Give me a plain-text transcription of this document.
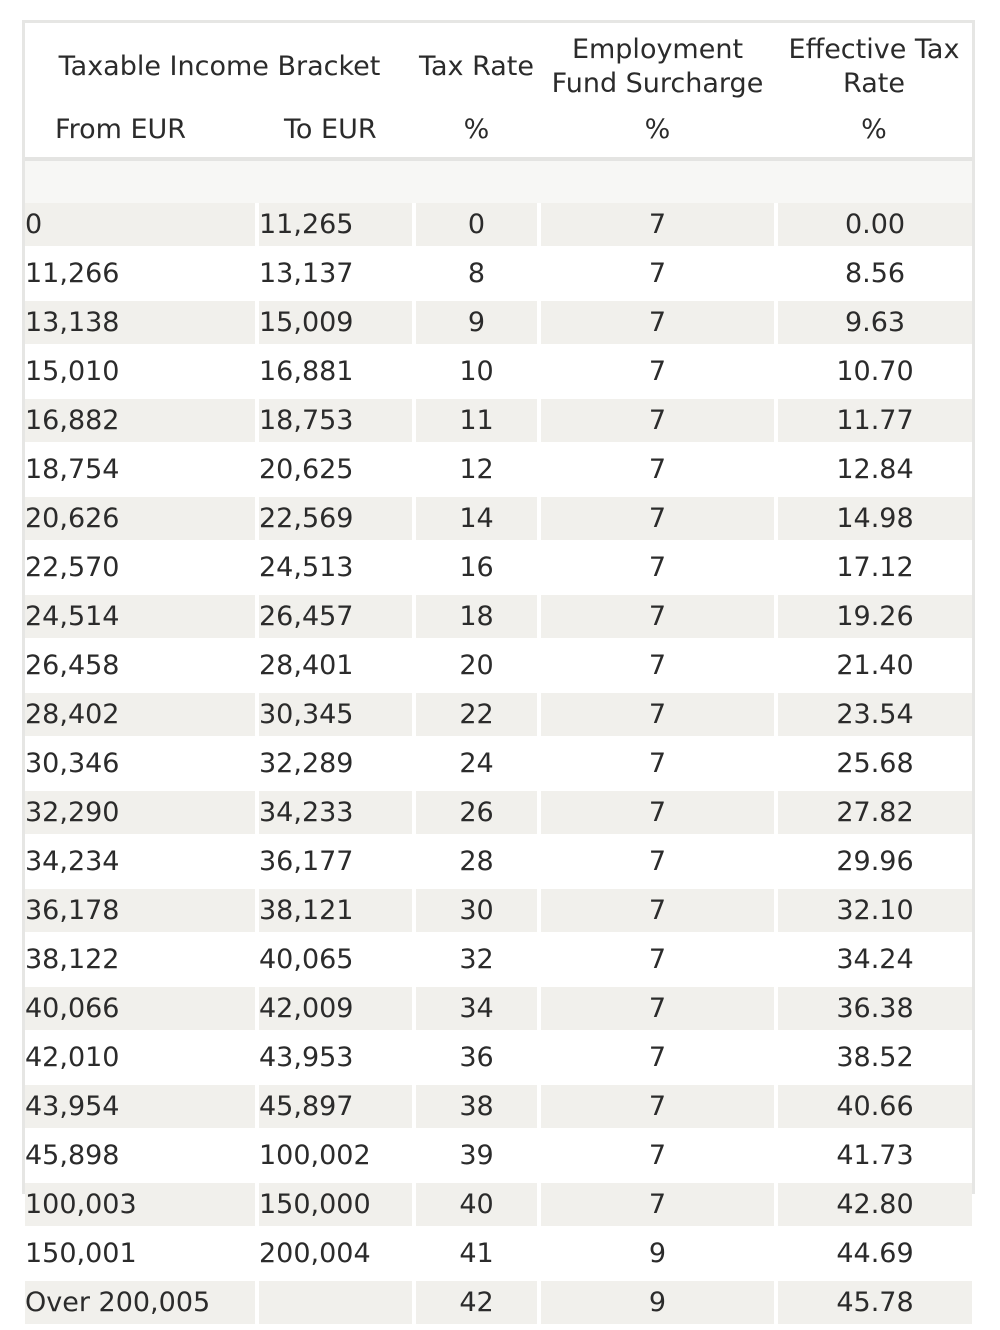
Taxable Income Bracket		Tax Rate	Employment Fund Surcharge	Effective Tax Rate
From EUR	To EUR	%	%	%

0	11,265	0	7	0.00
11,266	13,137	8	7	8.56
13,138	15,009	9	7	9.63
15,010	16,881	10	7	10.70
16,882	18,753	11	7	11.77
18,754	20,625	12	7	12.84
20,626	22,569	14	7	14.98
22,570	24,513	16	7	17.12
24,514	26,457	18	7	19.26
26,458	28,401	20	7	21.40
28,402	30,345	22	7	23.54
30,346	32,289	24	7	25.68
32,290	34,233	26	7	27.82
34,234	36,177	28	7	29.96
36,178	38,121	30	7	32.10
38,122	40,065	32	7	34.24
40,066	42,009	34	7	36.38
42,010	43,953	36	7	38.52
43,954	45,897	38	7	40.66
45,898	100,002	39	7	41.73
100,003	150,000	40	7	42.80
150,001	200,004	41	9	44.69
Over 200,005		42	9	45.78
